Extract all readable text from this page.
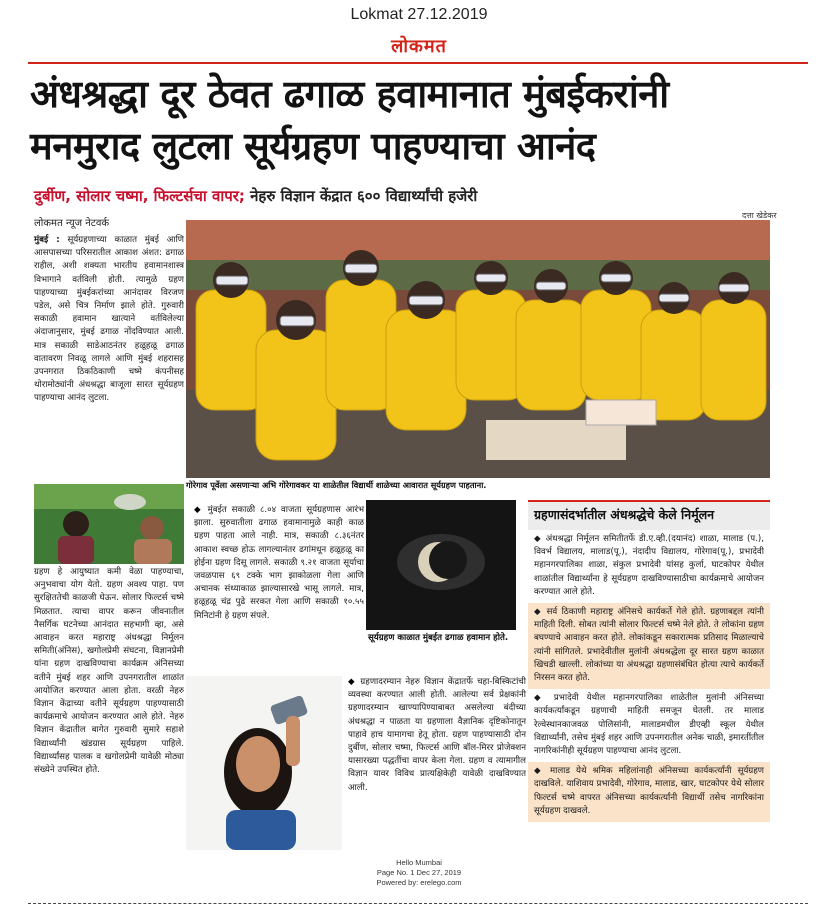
Lokmat 27.12.2019
लोकमत
अंधश्रद्धा दूर ठेवत ढगाळ हवामानात मुंबईकरांनी
मनमुराद लुटला सूर्यग्रहण पाहण्याचा आनंद
दुर्बीण, सोलार चष्मा, फिल्टर्सचा वापर; नेहरु विज्ञान केंद्रात ६०० विद्यार्थ्यांची हजेरी
लोकमत न्यूज नेटवर्क
दत्ता खेडेकर
मुंबई : सूर्यग्रहणाच्या काळात मुंबई आणि आसपासच्या परिसरातील आकाश अंशत: ढगाळ राहील, अशी शक्यता भारतीय हवामानशास्त्र विभागाने वर्तविली होती. त्यामुळे ग्रहण पाहण्याच्या मुंबईकरांच्या आनंदावर विरजण पडेल, असे चित्र निर्माण झाले होते. गुरुवारी सकाळी हवामान खात्याने वर्तविलेल्या अंदाजानुसार, मुंबई ढगाळ नोंदविण्यात आली. मात्र सकाळी साडेआठनंतर हळूहळू ढगाळ वातावरण निवळू लागले आणि मुंबई शहरासह उपनगरात ठिकठिकाणी चष्मे कंपनीसह थोरामोठ्यांनी अंधश्रद्धा बाजूला सारत सूर्यग्रहण पाहण्याचा आनंद लुटला.
गोरेगाव पूर्वेला असणाऱ्या अभि गोरेगावकर या शाळेतील विद्यार्थी शाळेच्या आवारात सूर्यग्रहण पाहताना.
ग्रहण हे आयुष्यात कमी वेळा पाहण्याचा, अनुभवाचा योग येतो. ग्रहण अवश्य पाहा. पण सुरक्षिततेची काळजी घेऊन. सोलार फिल्टर्स चष्मे मिळतात. त्याचा वापर करून जीवनातील नैसर्गिक घटनेच्या आनंदात सहभागी व्हा, असे आवाहन करत महाराष्ट्र अंधश्रद्धा निर्मूलन समिती(अंनिस), खगोलप्रेमी संघटना, विज्ञानप्रेमी यांना ग्रहण दाखविण्याचा कार्यक्रम अंनिसच्या वतीने मुंबई शहर आणि उपनगरातील शाळांत आयोजित करण्यात आला होता. वरळी नेहरु विज्ञान केंद्राच्या वतीने सूर्यग्रहण पाहण्यासाठी कार्यक्रमाचे आयोजन करण्यात आले होते. नेहरु विज्ञान केंद्रातील बागेत गुरुवारी सुमारे सहाशे विद्यार्थ्यांनी खंडग्रास सूर्यग्रहण पाहिले. विद्यार्थ्यांसह पालक व खगोलप्रेमी यावेळी मोठ्या संख्येने उपस्थित होते.
◆ मुंबईत सकाळी ८.०४ वाजता सूर्यग्रहणास आरंभ झाला. सुरुवातीला ढगाळ हवामानामुळे काही काळ ग्रहण पाहता आले नाही. मात्र, सकाळी ८.३६नंतर आकाश स्वच्छ होऊ लागल्यानंतर ढगांमधून हळूहळू का होईना ग्रहण दिसू लागले. सकाळी ९.२१ वाजता सूर्याचा जवळपास ६९ टक्के भाग झाकोळला गेला आणि अचानक संध्याकाळ झाल्यासारखे भासू लागले. मात्र, हळूहळू चंद्र पुढे सरकत गेला आणि सकाळी १०.५५ मिनिटांनी हे ग्रहण संपले.
सूर्यग्रहण काळात मुंबईत ढगाळ हवामान होते.
◆ ग्रहणादरम्यान नेहरु विज्ञान केंद्रातर्फे चहा-बिस्किटांची व्यवस्था करण्यात आली होती. आलेल्या सर्व प्रेक्षकांनी ग्रहणादरम्यान खाण्यापिण्याबाबत असलेल्या बंदीच्या अंधश्रद्धा न पाळता या ग्रहणाला वैज्ञानिक दृष्टिकोनातून पाहावे हाच यामागचा हेतू होता. ग्रहण पाहण्यासाठी दोन दुर्बीण, सोलार चष्मा, फिल्टर्स आणि बॉल-मिरर प्रोजेक्शन यासारख्या पद्धतींचा वापर केला गेला. ग्रहण व त्यामागील विज्ञान यावर विविध प्रात्यक्षिकेही यावेळी दाखविण्यात आली.
ग्रहणासंदर्भातील अंधश्रद्धेचे केले निर्मूलन
◆ अंधश्रद्धा निर्मूलन समितीतर्फे डी.ए.व्ही.(दयानंद) शाळा, मालाड (प.), विवर्भ विद्यालय, मालाड(पू.), नंदादीप विद्यालय, गोरेगाव(पू.), प्रभादेवी महानगरपालिका शाळा, संकुल प्रभादेवी यांसह कुर्ला, घाटकोपर येथील शाळांतील विद्यार्थ्यांना हे सूर्यग्रहण दाखविण्यासाठीचा कार्यक्रमाचे आयोजन करण्यात आले होते.
◆ सर्व ठिकाणी महाराष्ट्र अंनिसचे कार्यकर्ते गेले होते. ग्रहणाबद्दल त्यांनी माहिती दिली. सोबत त्यांनी सोलार फिल्टर्स चष्मे नेले होते. ते लोकांना ग्रहण बघण्याचे आवाहन करत होते. लोकांकडून सकारात्मक प्रतिसाद मिळाल्याचे त्यांनी सांगितले. प्रभादेवीतील मुलांनी अंधश्रद्धेला दूर सारत ग्रहण काळात खिचडी खाल्ली. लोकांच्या या अंधश्रद्धा ग्रहणासंबंधित होत्या त्याचे कार्यकर्ते निरसन करत होते.
◆ प्रभादेवी येथील महानगरपालिका शाळेतील मुलांनी अंनिसच्या कार्यकर्त्यांकडून ग्रहणाची माहिती समजून घेतली. तर मालाड रेल्वेस्थानकाजवळ पोलिसांनी, मालाडमधील डीएव्ही स्कूल येथील विद्यार्थ्यांनी, तसेच मुंबई शहर आणि उपनगरातील अनेक चाळी, इमारतींतील नागरिकांनीही सूर्यग्रहण पाहण्याचा आनंद लुटला.
◆ मालाड येथे श्रमिक महिलांनाही अंनिसच्या कार्यकर्त्यांनी सूर्यग्रहण दाखविले. याशिवाय प्रभादेवी, गोरेगाव, मालाड, खार, घाटकोपर येथे सोलार फिल्टर्स चष्मे वापरत अंनिसच्या कार्यकर्त्यांनी विद्यार्थी तसेच नागरिकांना सूर्यग्रहण दाखवले.
Hello Mumbai
Page No. 1 Dec 27, 2019
Powered by: erelego.com
